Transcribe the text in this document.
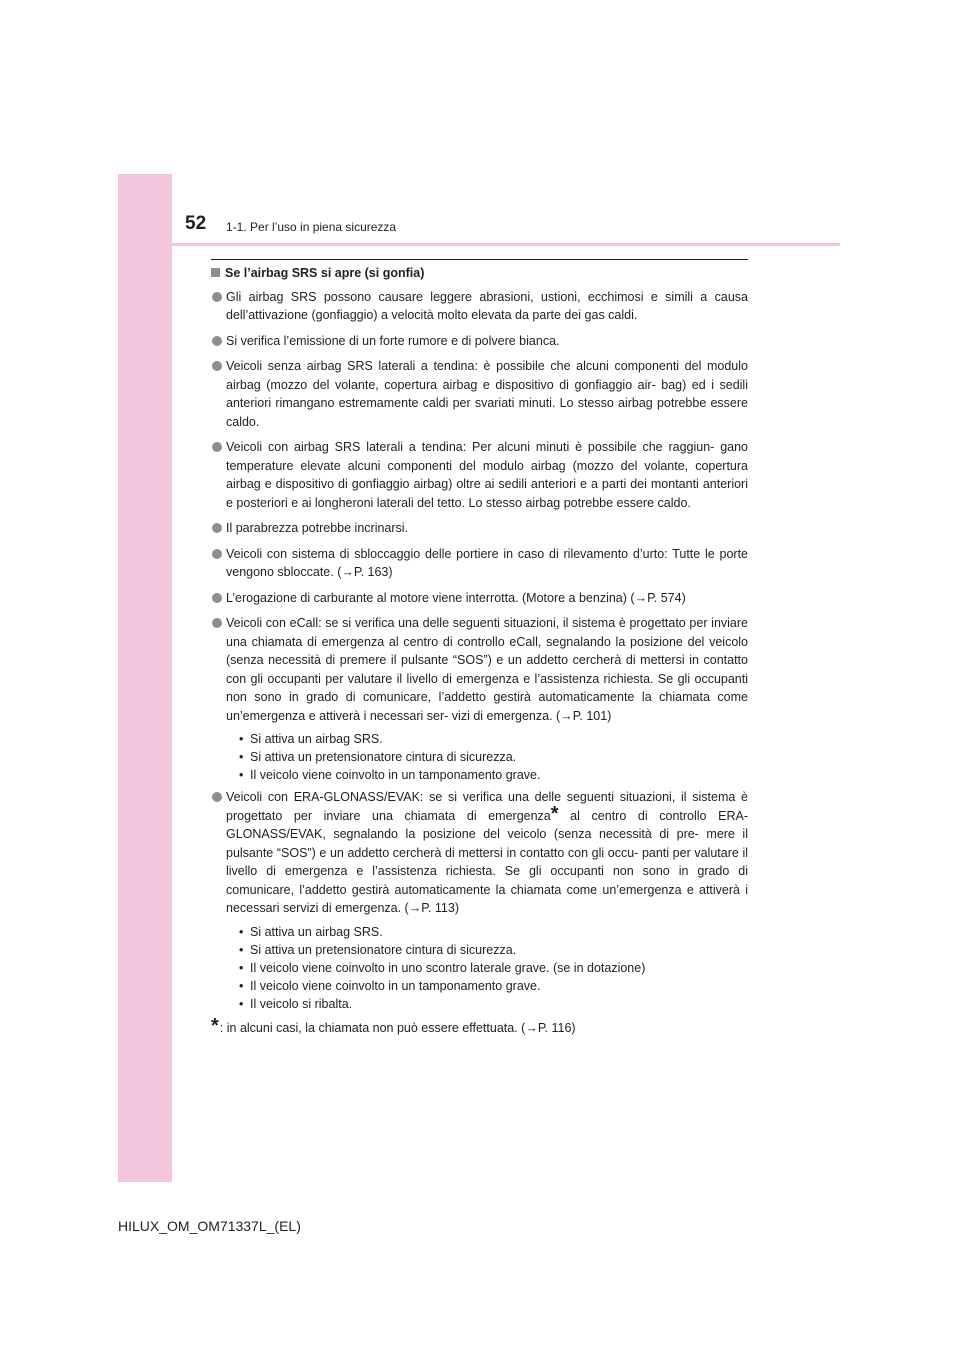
52 1-1. Per l’uso in piena sicurezza
Se l’airbag SRS si apre (si gonfia)
Gli airbag SRS possono causare leggere abrasioni, ustioni, ecchimosi e simili a causa dell’attivazione (gonfiaggio) a velocità molto elevata da parte dei gas caldi.
Si verifica l’emissione di un forte rumore e di polvere bianca.
Veicoli senza airbag SRS laterali a tendina: è possibile che alcuni componenti del modulo airbag (mozzo del volante, copertura airbag e dispositivo di gonfiaggio air- bag) ed i sedili anteriori rimangano estremamente caldi per svariati minuti. Lo stesso airbag potrebbe essere caldo.
Veicoli con airbag SRS laterali a tendina: Per alcuni minuti è possibile che raggiun- gano temperature elevate alcuni componenti del modulo airbag (mozzo del volante, copertura airbag e dispositivo di gonfiaggio airbag) oltre ai sedili anteriori e a parti dei montanti anteriori e posteriori e ai longheroni laterali del tetto. Lo stesso airbag potrebbe essere caldo.
Il parabrezza potrebbe incrinarsi.
Veicoli con sistema di sbloccaggio delle portiere in caso di rilevamento d’urto: Tutte le porte vengono sbloccate. (→P. 163)
L’erogazione di carburante al motore viene interrotta. (Motore a benzina) (→P. 574)
Veicoli con eCall: se si verifica una delle seguenti situazioni, il sistema è progettato per inviare una chiamata di emergenza al centro di controllo eCall, segnalando la posizione del veicolo (senza necessità di premere il pulsante “SOS”) e un addetto cercherà di mettersi in contatto con gli occupanti per valutare il livello di emergenza e l’assistenza richiesta. Se gli occupanti non sono in grado di comunicare, l’addetto gestirà automaticamente la chiamata come un’emergenza e attiverà i necessari ser- vizi di emergenza. (→P. 101)
• Si attiva un airbag SRS.
• Si attiva un pretensionatore cintura di sicurezza.
• Il veicolo viene coinvolto in un tamponamento grave.
Veicoli con ERA-GLONASS/EVAK: se si verifica una delle seguenti situazioni, il sistema è progettato per inviare una chiamata di emergenza* al centro di controllo ERA-GLONASS/EVAK, segnalando la posizione del veicolo (senza necessità di pre- mere il pulsante “SOS”) e un addetto cercherà di mettersi in contatto con gli occu- panti per valutare il livello di emergenza e l’assistenza richiesta. Se gli occupanti non sono in grado di comunicare, l’addetto gestirà automaticamente la chiamata come un’emergenza e attiverà i necessari servizi di emergenza. (→P. 113)
• Si attiva un airbag SRS.
• Si attiva un pretensionatore cintura di sicurezza.
• Il veicolo viene coinvolto in uno scontro laterale grave. (se in dotazione)
• Il veicolo viene coinvolto in un tamponamento grave.
• Il veicolo si ribalta.
*: in alcuni casi, la chiamata non può essere effettuata. (→P. 116)
HILUX_OM_OM71337L_(EL)
